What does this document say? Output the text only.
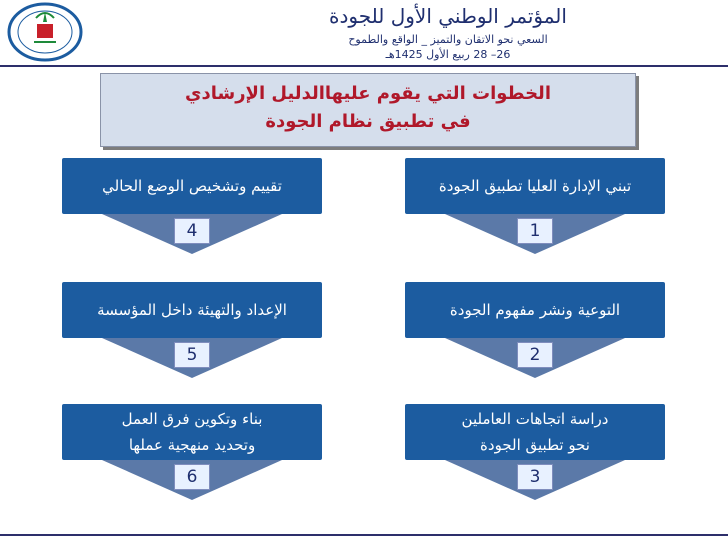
المؤتمر الوطني الأول للجودة
السعي نحو الاتقان والتميز _ الواقع والطموح
26– 28 ربيع الأول 1425هـ
الخطوات التي يقوم عليهاالدليل الإرشادي
في تطبيق نظام الجودة
تبني الإدارة العليا تطبيق الجودة
1
التوعية ونشر مفهوم الجودة
2
دراسة اتجاهات العاملين
نحو تطبيق الجودة
3
تقييم وتشخيص الوضع الحالي
4
الإعداد والتهيئة داخل المؤسسة
5
بناء وتكوين فرق العمل
وتحديد منهجية عملها
6
